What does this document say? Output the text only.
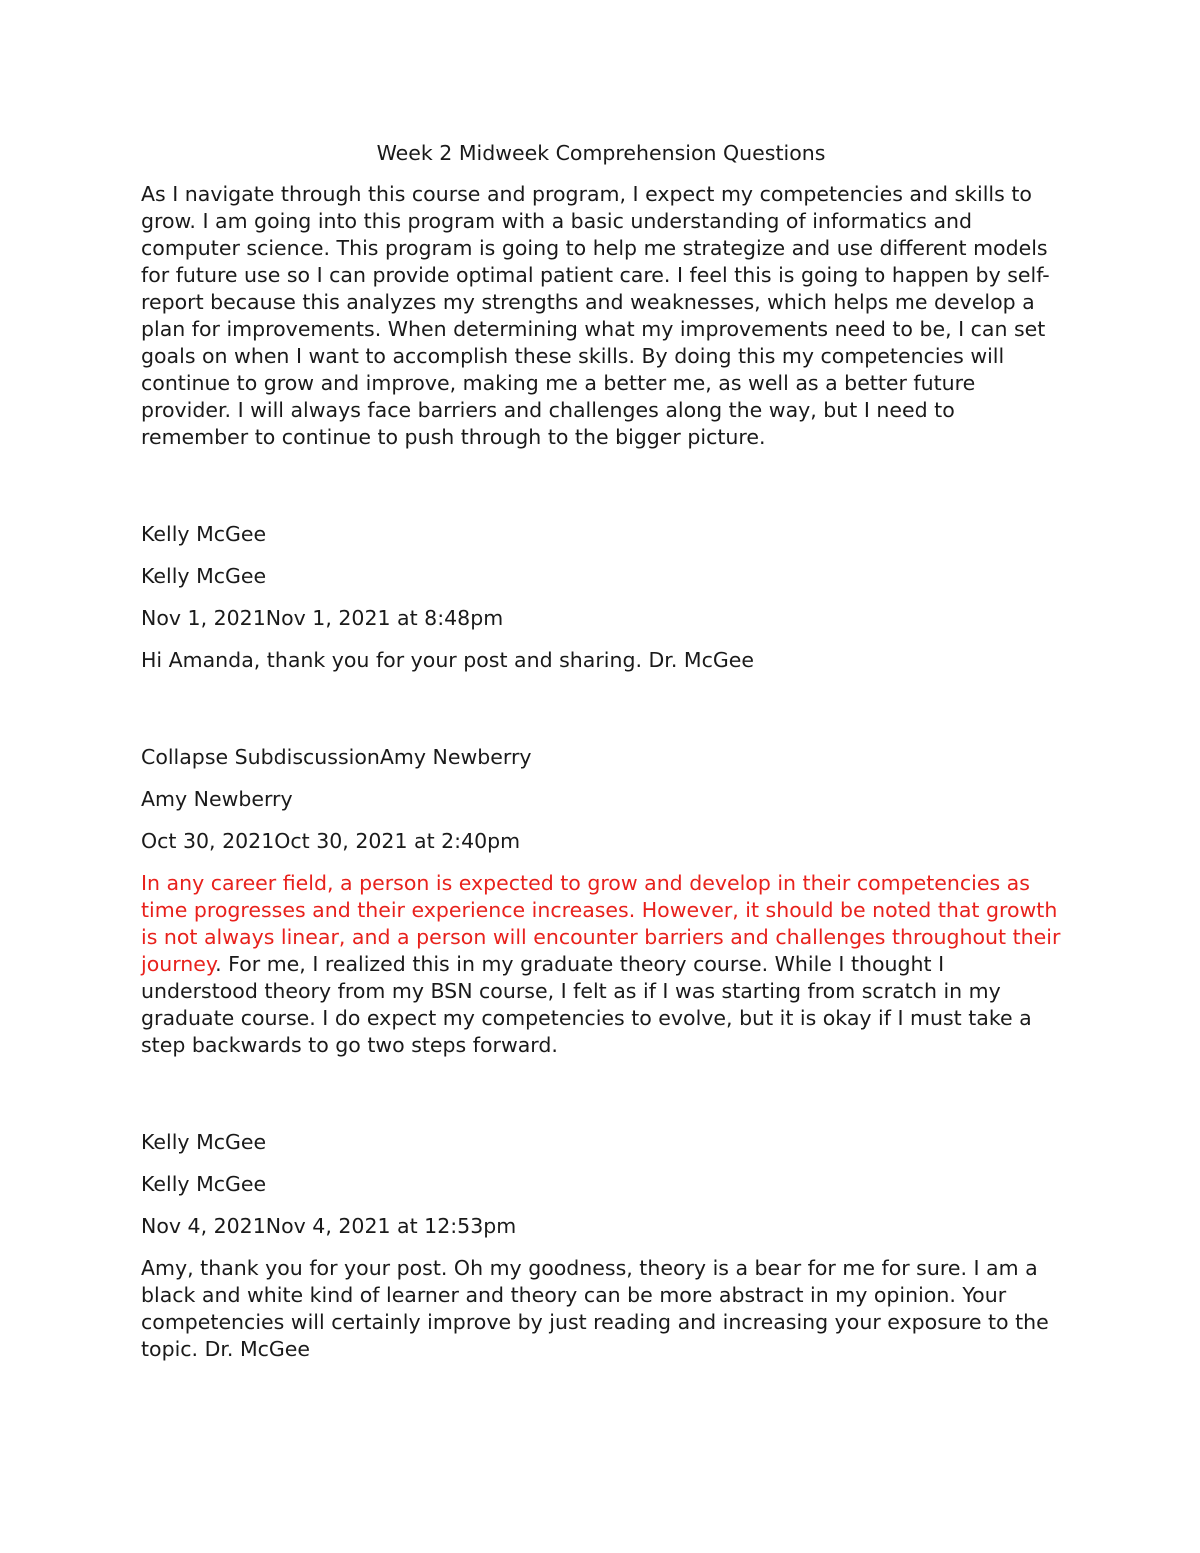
Week 2 Midweek Comprehension Questions

As I navigate through this course and program, I expect my competencies and skills to grow. I am going into this program with a basic understanding of informatics and computer science. This program is going to help me strategize and use different models for future use so I can provide optimal patient care. I feel this is going to happen by self-report because this analyzes my strengths and weaknesses, which helps me develop a plan for improvements. When determining what my improvements need to be, I can set goals on when I want to accomplish these skills. By doing this my competencies will continue to grow and improve, making me a better me, as well as a better future provider. I will always face barriers and challenges along the way, but I need to remember to continue to push through to the bigger picture.

Kelly McGee

Kelly McGee

Nov 1, 2021Nov 1, 2021 at 8:48pm

Hi Amanda, thank you for your post and sharing. Dr. McGee

Collapse SubdiscussionAmy Newberry

Amy Newberry

Oct 30, 2021Oct 30, 2021 at 2:40pm

In any career field, a person is expected to grow and develop in their competencies as time progresses and their experience increases. However, it should be noted that growth is not always linear, and a person will encounter barriers and challenges throughout their journey. For me, I realized this in my graduate theory course. While I thought I understood theory from my BSN course, I felt as if I was starting from scratch in my graduate course. I do expect my competencies to evolve, but it is okay if I must take a step backwards to go two steps forward.

Kelly McGee

Kelly McGee

Nov 4, 2021Nov 4, 2021 at 12:53pm

Amy, thank you for your post. Oh my goodness, theory is a bear for me for sure. I am a black and white kind of learner and theory can be more abstract in my opinion. Your competencies will certainly improve by just reading and increasing your exposure to the topic. Dr. McGee
